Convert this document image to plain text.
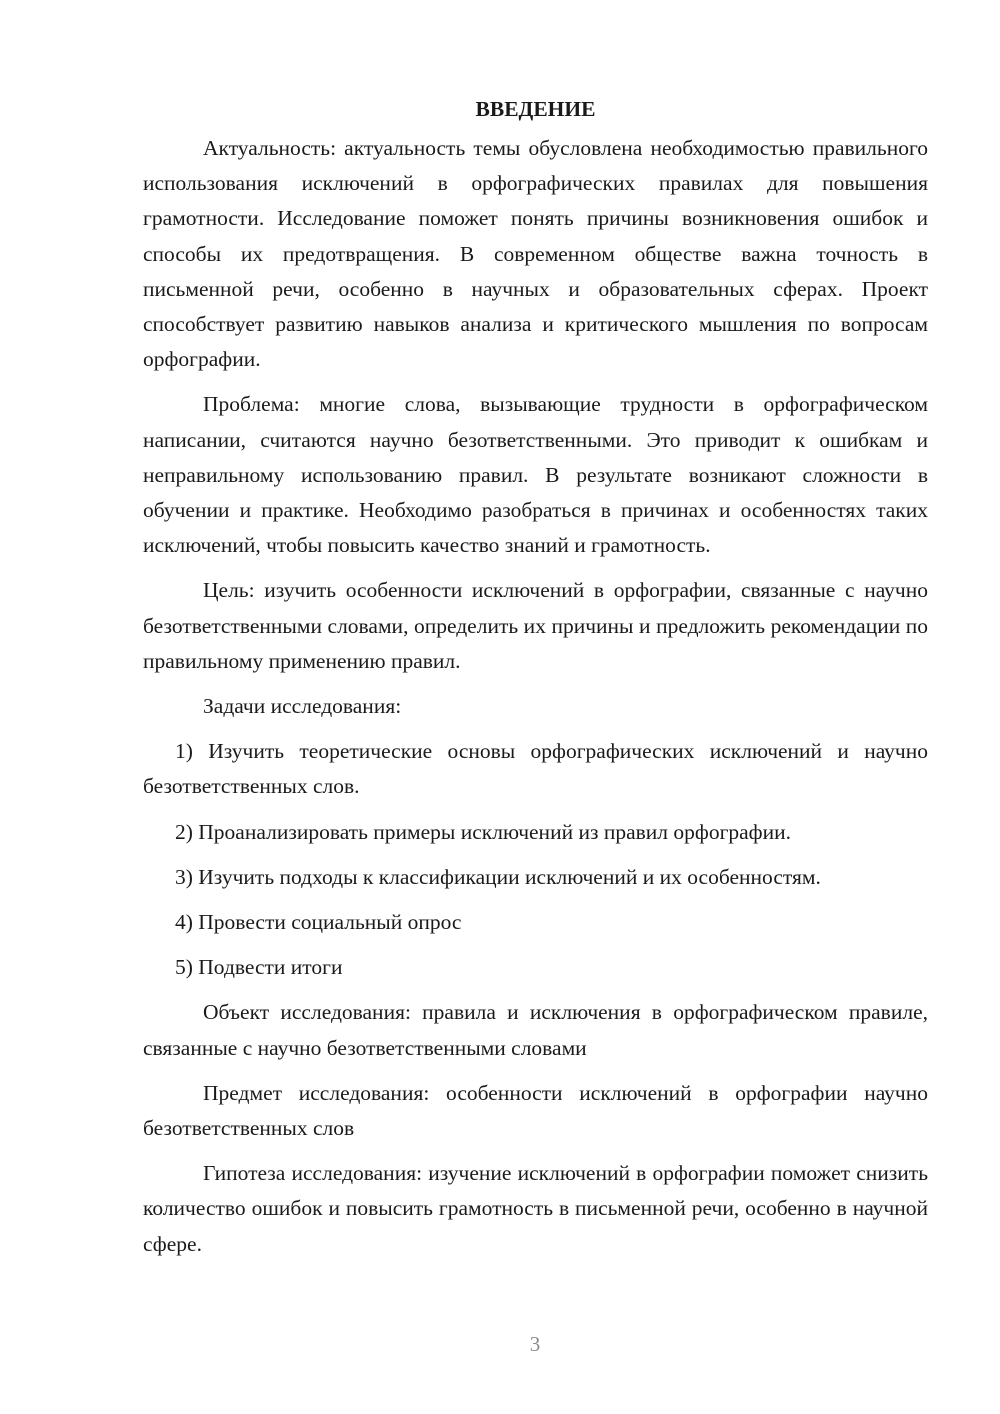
ВВЕДЕНИЕ

Актуальность: актуальность темы обусловлена необходимостью правильного использования исключений в орфографических правилах для повышения грамотности. Исследование поможет понять причины возникновения ошибок и способы их предотвращения. В современном обществе важна точность в письменной речи, особенно в научных и образовательных сферах. Проект способствует развитию навыков анализа и критического мышления по вопросам орфографии.

Проблема: многие слова, вызывающие трудности в орфографическом написании, считаются научно безответственными. Это приводит к ошибкам и неправильному использованию правил. В результате возникают сложности в обучении и практике. Необходимо разобраться в причинах и особенностях таких исключений, чтобы повысить качество знаний и грамотность.

Цель: изучить особенности исключений в орфографии, связанные с научно безответственными словами, определить их причины и предложить рекомендации по правильному применению правил.

Задачи исследования:

1) Изучить теоретические основы орфографических исключений и научно безответственных слов.

2) Проанализировать примеры исключений из правил орфографии.

3) Изучить подходы к классификации исключений и их особенностям.

4) Провести социальный опрос

5) Подвести итоги

Объект исследования: правила и исключения в орфографическом правиле, связанные с научно безответственными словами

Предмет исследования: особенности исключений в орфографии научно безответственных слов

Гипотеза исследования: изучение исключений в орфографии поможет снизить количество ошибок и повысить грамотность в письменной речи, особенно в научной сфере.

3
